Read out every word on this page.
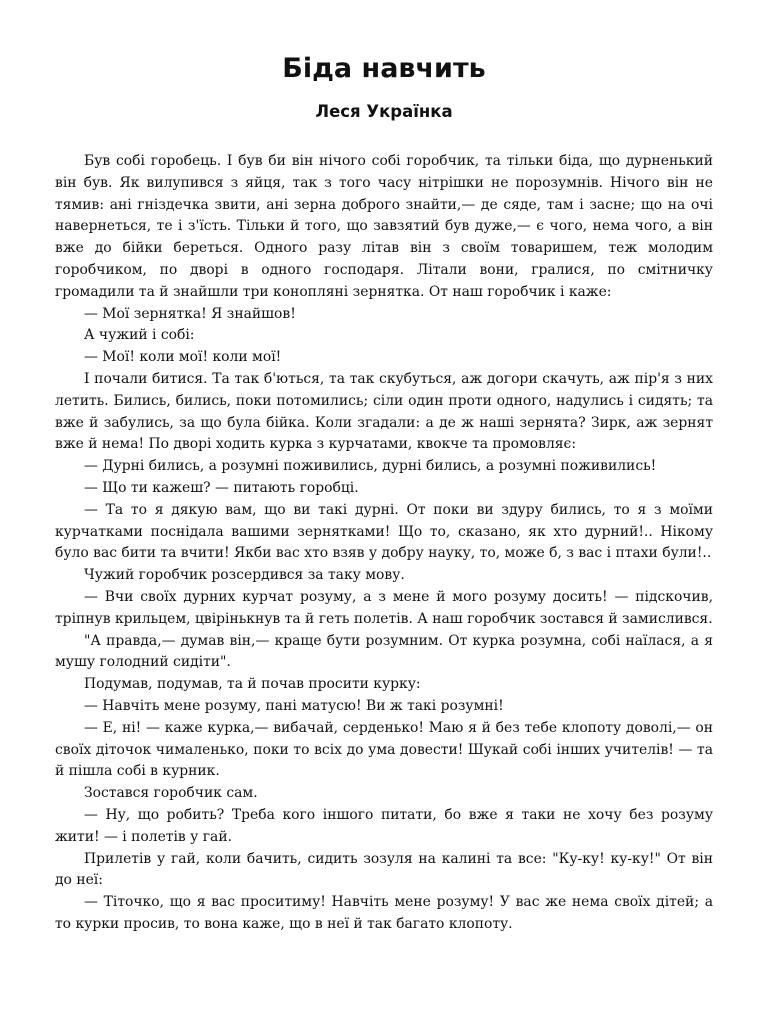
Біда навчить
Леся Українка

Був собі горобець. І був би він нічого собі горобчик, та тільки біда, що дурненький він був. Як вилупився з яйця, так з того часу нітрішки не порозумнів. Нічого він не тямив: ані гніздечка звити, ані зерна доброго знайти,— де сяде, там і засне; що на очі навернеться, те і з'їсть. Тільки й того, що завзятий був дуже,— є чого, нема чого, а він вже до бійки береться. Одного разу літав він з своїм товаришем, теж молодим горобчиком, по дворі в одного господаря. Літали вони, гралися, по смітничку громадили та й знайшли три конопляні зернятка. От наш горобчик і каже:

— Мої зернятка! Я знайшов!

А чужий і собі:

— Мої! коли мої! коли мої!

І почали битися. Та так б'ються, та так скубуться, аж догори скачуть, аж пір'я з них летить. Бились, бились, поки потомились; сіли один проти одного, надулись і сидять; та вже й забулись, за що була бійка. Коли згадали: а де ж наші зернята? Зирк, аж зернят вже й нема! По дворі ходить курка з курчатами, квокче та промовляє:

— Дурні бились, а розумні поживились, дурні бились, а розумні поживились!

— Що ти кажеш? — питають горобці.

— Та то я дякую вам, що ви такі дурні. От поки ви здуру бились, то я з моїми курчатками поснідала вашими зернятками! Що то, сказано, як хто дурний!.. Нікому було вас бити та вчити! Якби вас хто взяв у добру науку, то, може б, з вас і птахи були!..

Чужий горобчик розсердився за таку мову.

— Вчи своїх дурних курчат розуму, а з мене й мого розуму досить! — підскочив, тріпнув крильцем, цвірінькнув та й геть полетів. А наш горобчик зостався й замислився.

"А правда,— думав він,— краще бути розумним. От курка розумна, собі наїлася, а я мушу голодний сидіти".

Подумав, подумав, та й почав просити курку:

— Навчіть мене розуму, пані матусю! Ви ж такі розумні!

— Е, ні! — каже курка,— вибачай, серденько! Маю я й без тебе клопоту доволі,— он своїх діточок чималенько, поки то всіх до ума довести! Шукай собі інших учителів! — та й пішла собі в курник.

Зостався горобчик сам.

— Ну, що робить? Треба кого іншого питати, бо вже я таки не хочу без розуму жити! — і полетів у гай.

Прилетів у гай, коли бачить, сидить зозуля на калині та все: "Ку-ку! ку-ку!" От він до неї:

— Тіточко, що я вас проситиму! Навчіть мене розуму! У вас же нема своїх дітей; а то курки просив, то вона каже, що в неї й так багато клопоту.
